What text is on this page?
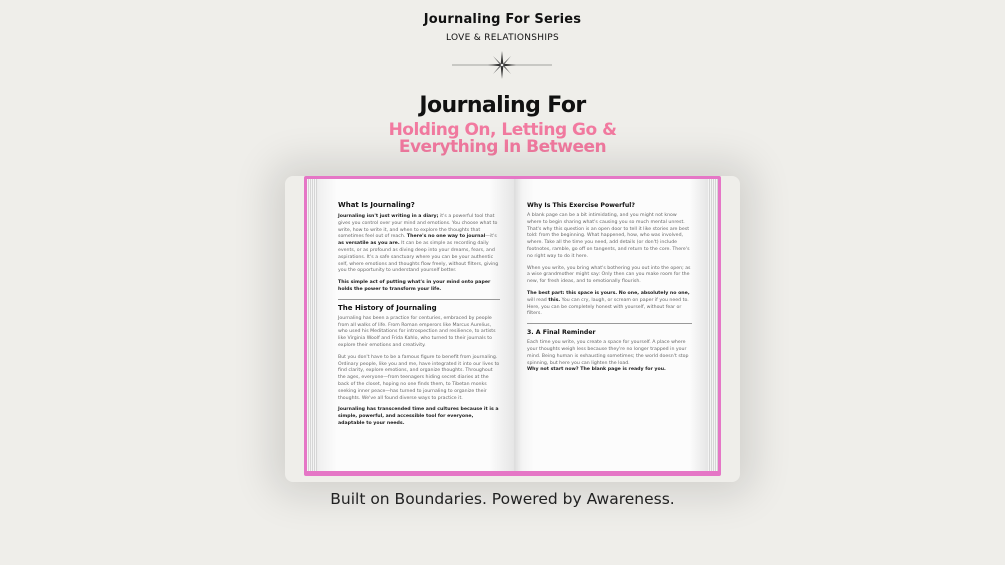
Journaling For Series
LOVE & RELATIONSHIPS
Journaling For
Holding On, Letting Go &
Everything In Between
What Is Journaling?

Journaling isn't just writing in a diary; it's a powerful tool that gives you control over your mind and emotions. You choose what to write, how to write it, and when to explore the thoughts that sometimes feel out of reach. There's no one way to journal—it's as versatile as you are. It can be as simple as recording daily events, or as profound as diving deep into your dreams, fears, and aspirations. It's a safe sanctuary where you can be your authentic self, where emotions and thoughts flow freely, without filters, giving you the opportunity to understand yourself better.

This simple act of putting what's in your mind onto paper holds the power to transform your life.

The History of Journaling

Journaling has been a practice for centuries, embraced by people from all walks of life. From Roman emperors like Marcus Aurelius, who used his Meditations for introspection and resilience, to artists like Virginia Woolf and Frida Kahlo, who turned to their journals to explore their emotions and creativity.

But you don't have to be a famous figure to benefit from journaling. Ordinary people, like you and me, have integrated it into our lives to find clarity, explore emotions, and organize thoughts. Throughout the ages, everyone—from teenagers hiding secret diaries at the back of the closet, hoping no one finds them, to Tibetan monks seeking inner peace—has turned to journaling to organize their thoughts. We've all found diverse ways to practice it.

Journaling has transcended time and cultures because it is a simple, powerful, and accessible tool for everyone, adaptable to your needs.

Why Is This Exercise Powerful?

A blank page can be a bit intimidating, and you might not know where to begin sharing what's causing you so much mental unrest. That's why this question is an open door to tell it like stories are best told: from the beginning. What happened, how, who was involved, where. Take all the time you need, add details (or don't) include footnotes, ramble, go off on tangents, and return to the core. There's no right way to do it here.

When you write, you bring what's bothering you out into the open; as a wise grandmother might say: Only then can you make room for the new, for fresh ideas, and to emotionally flourish.

The best part: this space is yours. No one, absolutely no one, will read this. You can cry, laugh, or scream on paper if you need to. Here, you can be completely honest with yourself, without fear or filters.

3. A Final Reminder

Each time you write, you create a space for yourself. A place where your thoughts weigh less because they're no longer trapped in your mind. Being human is exhausting sometimes; the world doesn't stop spinning, but here you can lighten the load.

Why not start now? The blank page is ready for you.

Built on Boundaries. Powered by Awareness.
